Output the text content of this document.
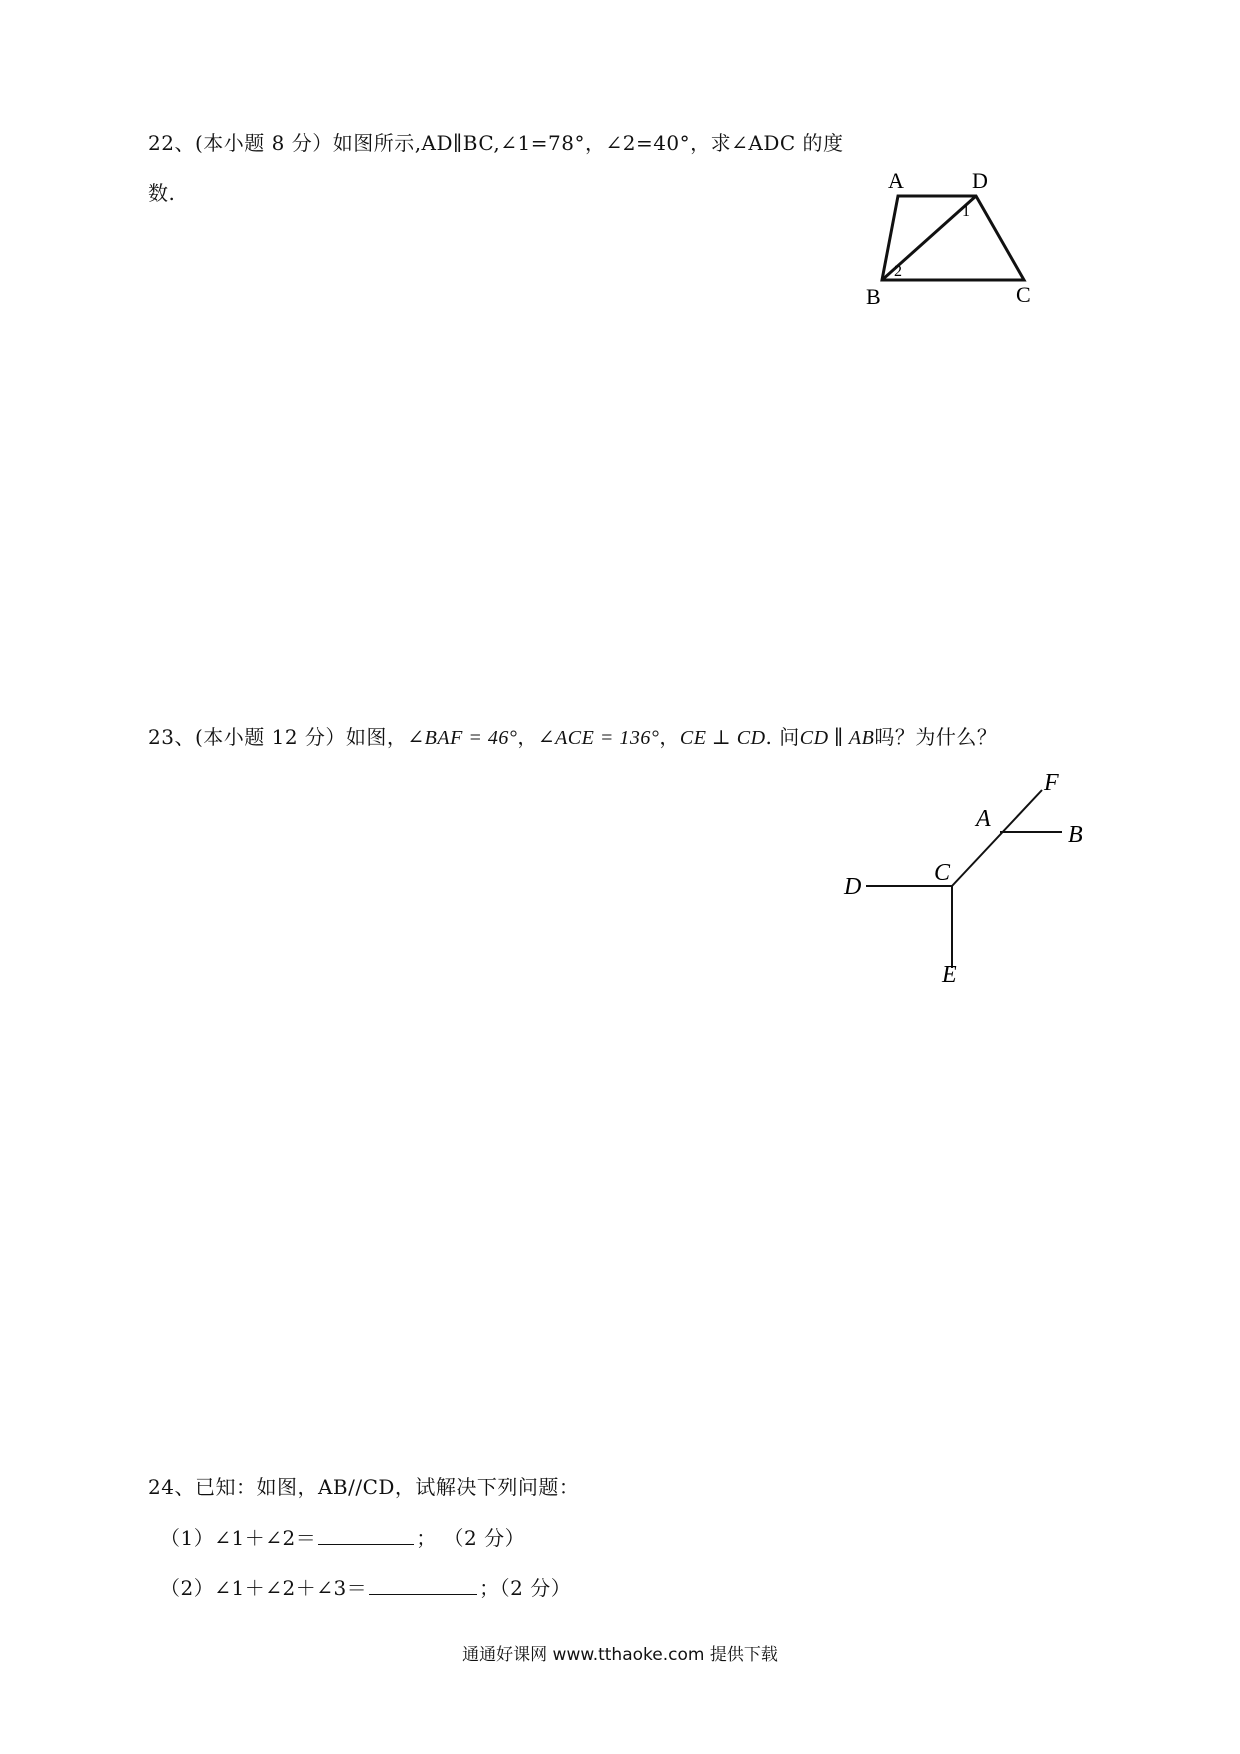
22、(本小题 8 分）如图所示,AD∥BC,∠1=78°，∠2=40°，求∠ADC 的度
数.	A	D
B	C
1
2
23、(本小题 12 分）如图，∠BAF = 46°，∠ACE = 136°，CE ⊥ CD. 问CD ∥ AB吗？为什么？
F
A
B
C
D
E
24、已知：如图，AB//CD，试解决下列问题：
（1）∠1＋∠2＝	； （2 分）
（2）∠1＋∠2＋∠3＝	；（2 分）
通通好课网 www.tthaoke.com 提供下载
